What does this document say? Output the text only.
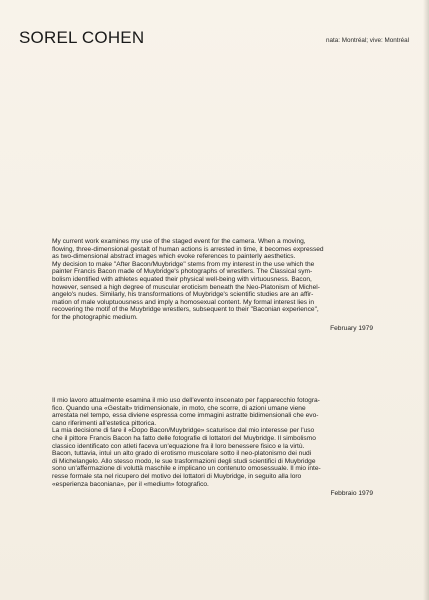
SOREL COHEN	nata: Montréal; vive: Montréal
My current work examines my use of the staged event for the camera. When a moving,
flowing, three-dimensional gestalt of human actions is arrested in time, it becomes expressed
as two-dimensional abstract images which evoke references to painterly aesthetics.
My decision to make "After Bacon/Muybridge" stems from my interest in the use which the
painter Francis Bacon made of Muybridge's photographs of wrestlers. The Classical sym-
bolism identified with athletes equated their physical well-being with virtuousness. Bacon,
however, sensed a high degree of muscular eroticism beneath the Neo-Platonism of Michel-
angelo's nudes. Similarly, his transformations of Muybridge's scientific studies are an affir-
mation of male voluptuousness and imply a homosexual content. My formal interest lies in
recovering the motif of the Muybridge wrestlers, subsequent to their "Baconian experience",
for the photographic medium.
February 1979
Il mio lavoro attualmente esamina il mio uso dell'evento inscenato per l'apparecchio fotogra-
fico. Quando una «Gestalt» tridimensionale, in moto, che scorre, di azioni umane viene
arrestata nel tempo, essa diviene espressa come immagini astratte bidimensionali che evo-
cano riferimenti all'estetica pittorica.
La mia decisione di fare il «Dopo Bacon/Muybridge» scaturisce dal mio interesse per l'uso
che il pittore Francis Bacon ha fatto delle fotografie di lottatori del Muybridge. Il simbolismo
classico identificato con atleti faceva un'equazione fra il loro benessere fisico e la virtù.
Bacon, tuttavia, intuì un alto grado di erotismo muscolare sotto il neo-platonismo dei nudi
di Michelangelo. Allo stesso modo, le sue trasformazioni degli studi scientifici di Muybridge
sono un'affermazione di voluttà maschile e implicano un contenuto omosessuale. Il mio inte-
resse formale sta nel ricupero del motivo dei lottatori di Muybridge, in seguito alla loro
«esperienza baconiana», per il «medium» fotografico.
Febbraio 1979
